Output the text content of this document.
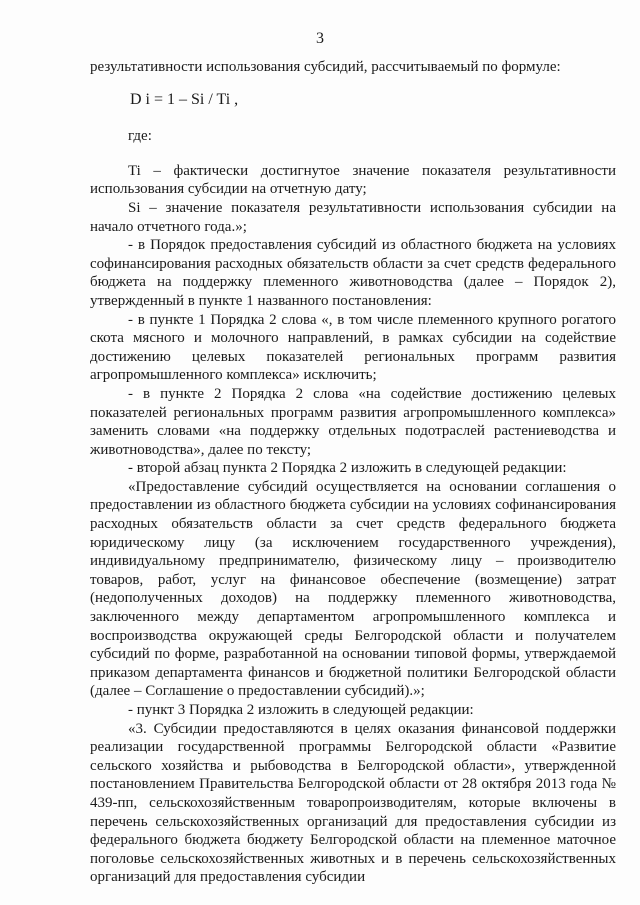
3

результативности использования субсидий, рассчитываемый по формуле:

D i = 1 – Si / Ti ,

где:

Ti – фактически достигнутое значение показателя результативности использования субсидии на отчетную дату;

Si – значение показателя результативности использования субсидии на начало отчетного года.»;

- в Порядок предоставления субсидий из областного бюджета на условиях софинансирования расходных обязательств области за счет средств федерального бюджета на поддержку племенного животноводства (далее – Порядок 2), утвержденный в пункте 1 названного постановления:

- в пункте 1 Порядка 2 слова «, в том числе племенного крупного рогатого скота мясного и молочного направлений, в рамках субсидии на содействие достижению целевых показателей региональных программ развития агропромышленного комплекса» исключить;

- в пункте 2 Порядка 2 слова «на содействие достижению целевых показателей региональных программ развития агропромышленного комплекса» заменить словами «на поддержку отдельных подотраслей растениеводства и животноводства», далее по тексту;

- второй абзац пункта 2 Порядка 2 изложить в следующей редакции:

«Предоставление субсидий осуществляется на основании соглашения о предоставлении из областного бюджета субсидии на условиях софинансирования расходных обязательств области за счет средств федерального бюджета юридическому лицу (за исключением государственного учреждения), индивидуальному предпринимателю, физическому лицу – производителю товаров, работ, услуг на финансовое обеспечение (возмещение) затрат (недополученных доходов) на поддержку племенного животноводства, заключенного между департаментом агропромышленного комплекса и воспроизводства окружающей среды Белгородской области и получателем субсидий по форме, разработанной на основании типовой формы, утверждаемой приказом департамента финансов и бюджетной политики Белгородской области (далее – Соглашение о предоставлении субсидий).»;

- пункт 3 Порядка 2 изложить в следующей редакции:

«3. Субсидии предоставляются в целях оказания финансовой поддержки реализации государственной программы Белгородской области «Развитие сельского хозяйства и рыбоводства в Белгородской области», утвержденной постановлением Правительства Белгородской области от 28 октября 2013 года № 439-пп, сельскохозяйственным товаропроизводителям, которые включены в перечень сельскохозяйственных организаций для предоставления субсидии из федерального бюджета бюджету Белгородской области на племенное маточное поголовье сельскохозяйственных животных и в перечень сельскохозяйственных организаций для предоставления субсидии
